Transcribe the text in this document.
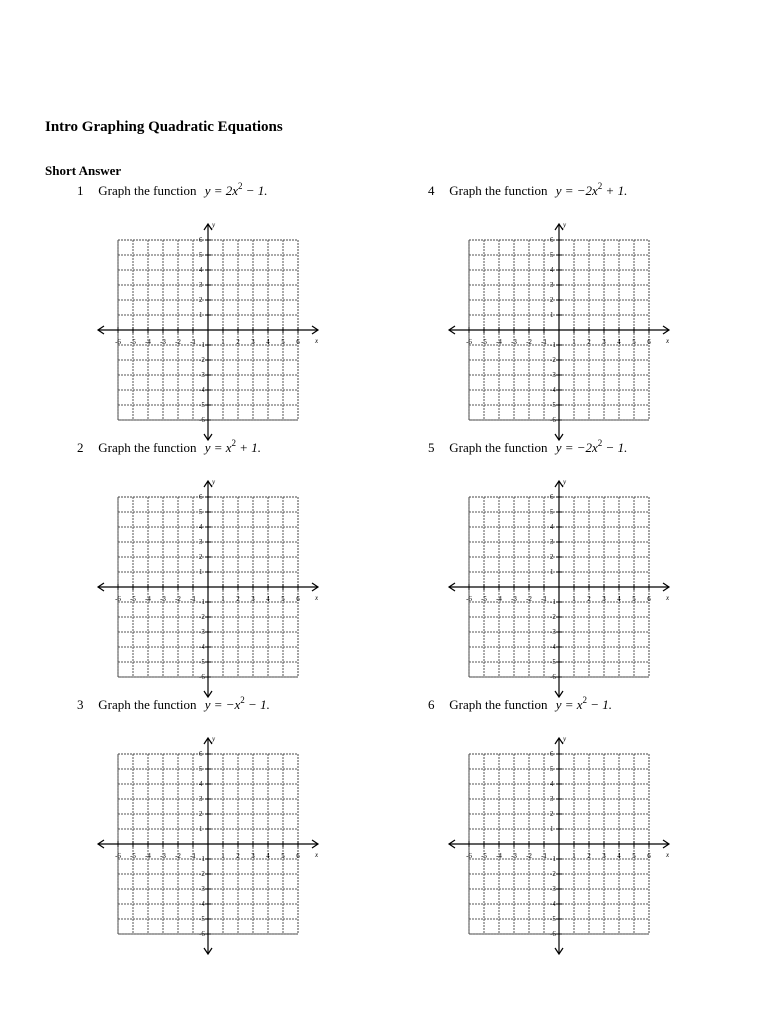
Intro Graphing Quadratic Equations
Short Answer
1 Graph the function $y = 2x^2 - 1$.
x
y
-6 -5 -4 -3 -2 -1	1 2 3 4 5 6
6
5
4
3
2
1
-1
-2
-3
-4
-5
-6
4 Graph the function $y = -2x^2 + 1$.
x
y
-6 -5 -4 -3 -2 -1	1 2 3 4 5 6
6
5
4
3
2
1
-1
-2
-3
-4
-5
-6
2 Graph the function $y = x^2 + 1$.
x
y
-6 -5 -4 -3 -2 -1	1 2 3 4 5 6
6
5
4
3
2
1
-1
-2
-3
-4
-5
-6
5 Graph the function $y = -2x^2 - 1$.
x
y
-6 -5 -4 -3 -2 -1	1 2 3 4 5 6
6
5
4
3
2
1
-1
-2
-3
-4
-5
-6
3 Graph the function $y = -x^2 - 1$.
x
y
-6 -5 -4 -3 -2 -1	1 2 3 4 5 6
6
5
4
3
2
1
-1
-2
-3
-4
-5
-6
6 Graph the function $y = x^2 - 1$.
x
y
-6 -5 -4 -3 -2 -1	1 2 3 4 5 6
6
5
4
3
2
1
-1
-2
-3
-4
-5
-6
